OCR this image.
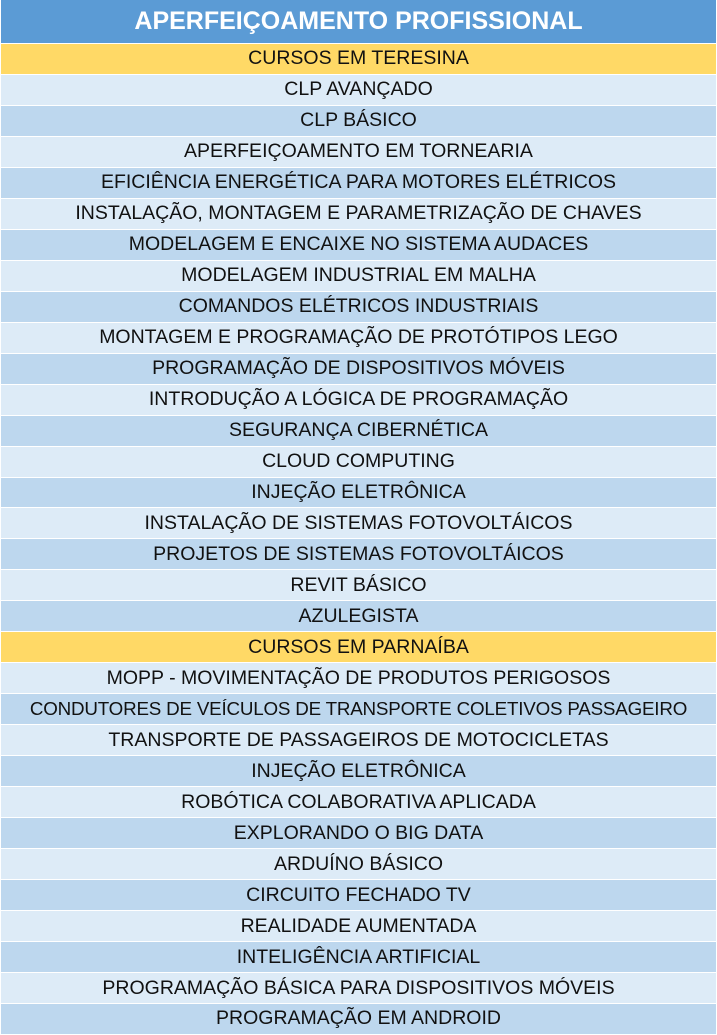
APERFEIÇOAMENTO PROFISSIONAL
CURSOS EM TERESINA
CLP AVANÇADO
CLP BÁSICO
APERFEIÇOAMENTO EM TORNEARIA
EFICIÊNCIA ENERGÉTICA PARA MOTORES ELÉTRICOS
INSTALAÇÃO, MONTAGEM E PARAMETRIZAÇÃO DE CHAVES
MODELAGEM E ENCAIXE NO SISTEMA AUDACES
MODELAGEM INDUSTRIAL EM MALHA
COMANDOS ELÉTRICOS INDUSTRIAIS
MONTAGEM E PROGRAMAÇÃO DE PROTÓTIPOS LEGO
PROGRAMAÇÃO DE DISPOSITIVOS MÓVEIS
INTRODUÇÃO A LÓGICA DE PROGRAMAÇÃO
SEGURANÇA CIBERNÉTICA
CLOUD COMPUTING
INJEÇÃO ELETRÔNICA
INSTALAÇÃO DE SISTEMAS FOTOVOLTÁICOS
PROJETOS DE SISTEMAS FOTOVOLTÁICOS
REVIT BÁSICO
AZULEGISTA
CURSOS EM PARNAÍBA
MOPP - MOVIMENTAÇÃO DE PRODUTOS PERIGOSOS
CONDUTORES DE VEÍCULOS DE TRANSPORTE COLETIVOS PASSAGEIRO
TRANSPORTE DE PASSAGEIROS DE MOTOCICLETAS
INJEÇÃO ELETRÔNICA
ROBÓTICA COLABORATIVA APLICADA
EXPLORANDO O BIG DATA
ARDUÍNO BÁSICO
CIRCUITO FECHADO TV
REALIDADE AUMENTADA
INTELIGÊNCIA ARTIFICIAL
PROGRAMAÇÃO BÁSICA PARA DISPOSITIVOS MÓVEIS
PROGRAMAÇÃO EM ANDROID
